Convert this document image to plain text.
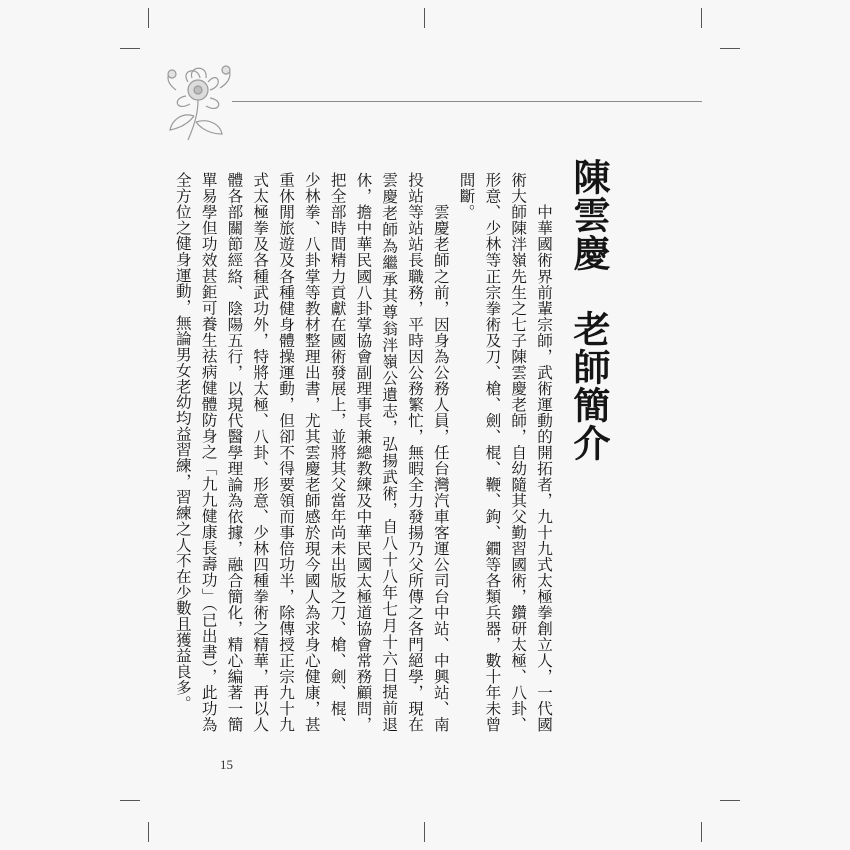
陳雲慶　老師簡介

　　中華國術界前輩宗師，武術運動的開拓者，九十九式太極拳創立人，一代國術大師陳泮嶺先生之七子陳雲慶老師，自幼隨其父勤習國術，鑽研太極、八卦、形意、少林等正宗拳術及刀、槍、劍、棍、鞭、鉤、鐗等各類兵器，數十年未曾間斷。

　　雲慶老師之前，因身為公務人員，任台灣汽車客運公司台中站、中興站、南投站等站站長職務，平時因公務繁忙，無暇全力發揚乃父所傳之各門絕學，現在雲慶老師為繼承其尊翁泮嶺公遺志，弘揚武術，自八十八年七月十六日提前退休，擔中華民國八卦掌協會副理事長兼總教練及中華民國太極道協會常務顧問，把全部時間精力貢獻在國術發展上，並將其父當年尚未出版之刀、槍、劍、棍、少林拳、八卦掌等教材整理出書，尤其雲慶老師感於現今國人為求身心健康，甚重休閒旅遊及各種健身體操運動，但卻不得要領而事倍功半，除傳授正宗九十九式太極拳及各種武功外，特將太極、八卦、形意、少林四種拳術之精華，再以人體各部關節經絡、陰陽五行，以現代醫學理論為依據，融合簡化，精心編著一簡單易學但功效甚鉅可養生祛病健體防身之「九九健康長壽功」（已出書），此功為全方位之健身運動，無論男女老幼均益習練，習練之人不在少數且獲益良多。

15
